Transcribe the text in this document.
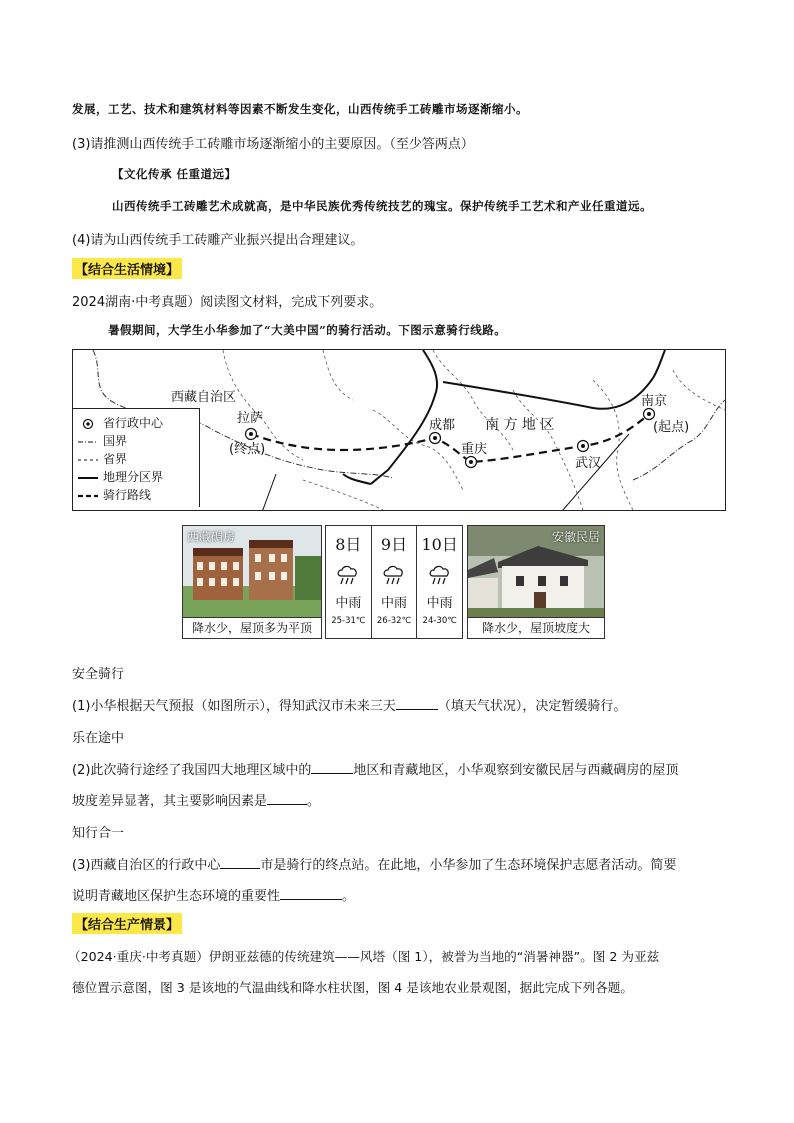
发展，工艺、技术和建筑材料等因素不断发生变化，山西传统手工砖雕市场逐渐缩小。
(3)请推测山西传统手工砖雕市场逐渐缩小的主要原因。（至少答两点）
【文化传承 任重道远】
山西传统手工砖雕艺术成就高，是中华民族优秀传统技艺的瑰宝。保护传统手工艺术和产业任重道远。
(4)请为山西传统手工砖雕产业振兴提出合理建议。
【结合生活情境】
2024湖南·中考真题）阅读图文材料，完成下列要求。
暑假期间，大学生小华参加了“大美中国”的骑行活动。下图示意骑行线路。
西藏自治区
拉萨
(终点)
成都 南 方 地 区
重庆
武汉
南京
(起点)
省行政中心
国界
省界
地理分区界
骑行路线
西藏碉房
降水少，屋顶多为平顶
8日
中雨
25-31℃
9日
中雨
26-32℃
10日
中雨
24-30℃
安徽民居
降水少，屋顶坡度大
安全骑行
(1)小华根据天气预报（如图所示），得知武汉市未来三天	（填天气状况），决定暂缓骑行。
乐在途中
(2)此次骑行途经了我国四大地理区域中的	地区和青藏地区，小华观察到安徽民居与西藏碉房的屋顶
坡度差异显著，其主要影响因素是	。
知行合一
(3)西藏自治区的行政中心	市是骑行的终点站。在此地，小华参加了生态环境保护志愿者活动。简要
说明青藏地区保护生态环境的重要性	。
【结合生产情景】
（2024·重庆·中考真题）伊朗亚兹德的传统建筑——风塔（图 1），被誉为当地的“消暑神器”。图 2 为亚兹
德位置示意图，图 3 是该地的气温曲线和降水柱状图，图 4 是该地农业景观图，据此完成下列各题。
